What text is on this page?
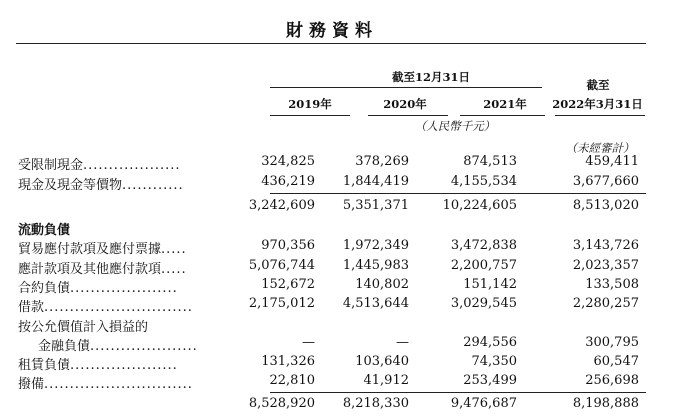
財務資料
截至12月31日
截至
2019年	2020年	2021年	2022年3月31日
（人民幣千元）
（未經審計）
受限制現金...................	324,825	378,269	874,513	459,411
現金及現金等價物............	436,219 1,844,419	4,155,534	3,677,660
3,242,609 5,351,371	10,224,605	8,513,020
流動負債
貿易應付款項及應付票據.....	970,356 1,972,349	3,472,838	3,143,726
應計款項及其他應付款項.....	5,076,744 1,445,983	2,200,757	2,023,357
合約負債.....................	152,672	140,802	151,142	133,508
借款.............................	2,175,012 4,513,644	3,029,545	2,280,257
按公允價值計入損益的
金融負債.....................	—	—	294,556	300,795
租賃負債.....................	131,326	103,640	74,350	60,547
撥備.............................	22,810	41,912	253,499	256,698
8,528,920 8,218,330	9,476,687	8,198,888
